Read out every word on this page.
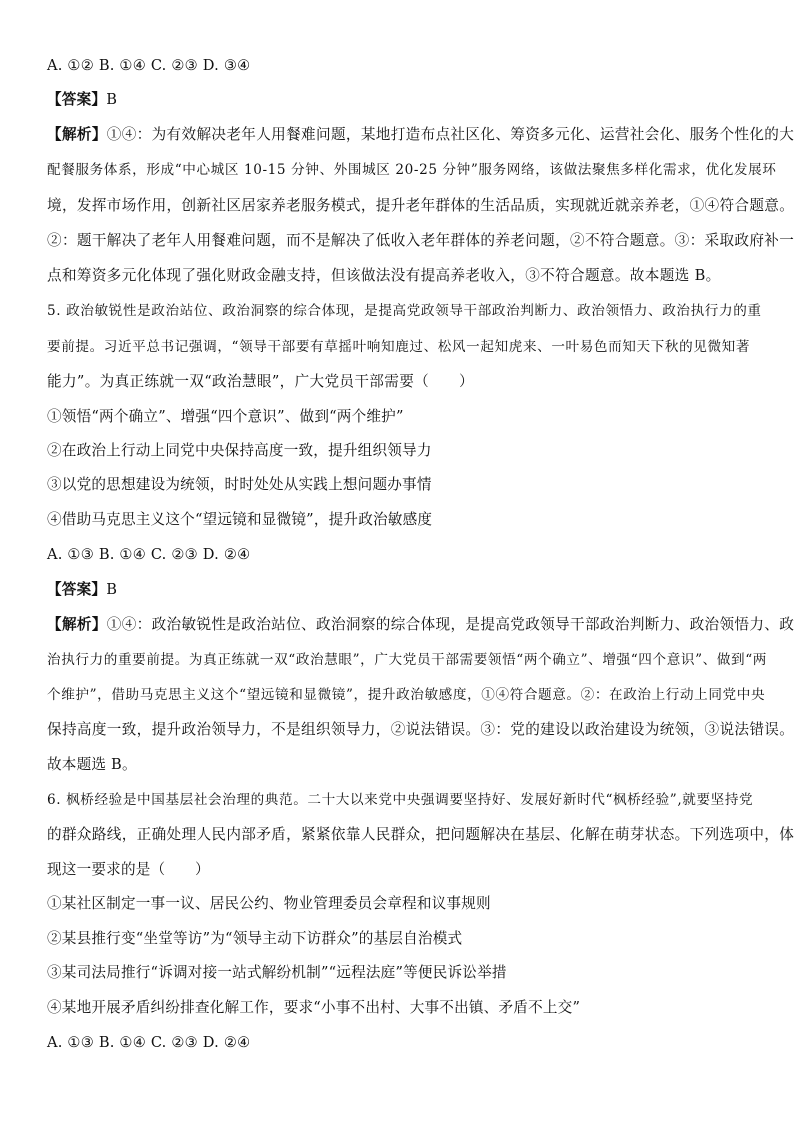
A. ①② B. ①④ C. ②③ D. ③④
【答案】B
【解析】①④：为有效解决老年人用餐难问题，某地打造布点社区化、筹资多元化、运营社会化、服务个性化的大
配餐服务体系，形成“中心城区 10-15 分钟、外围城区 20-25 分钟”服务网络，该做法聚焦多样化需求，优化发展环
境，发挥市场作用，创新社区居家养老服务模式，提升老年群体的生活品质，实现就近就亲养老，①④符合题意。
②：题干解决了老年人用餐难问题，而不是解决了低收入老年群体的养老问题，②不符合题意。③：采取政府补一
点和筹资多元化体现了强化财政金融支持，但该做法没有提高养老收入，③不符合题意。故本题选 B。
5. 政治敏锐性是政治站位、政治洞察的综合体现，是提高党政领导干部政治判断力、政治领悟力、政治执行力的重
要前提。习近平总书记强调，“领导干部要有草摇叶响知鹿过、松风一起知虎来、一叶易色而知天下秋的见微知著
能力”。为真正练就一双“政治慧眼”，广大党员干部需要（　　）
①领悟“两个确立”、增强“四个意识”、做到“两个维护”
②在政治上行动上同党中央保持高度一致，提升组织领导力
③以党的思想建设为统领，时时处处从实践上想问题办事情
④借助马克思主义这个“望远镜和显微镜”，提升政治敏感度
A. ①③ B. ①④ C. ②③ D. ②④
【答案】B
【解析】①④：政治敏锐性是政治站位、政治洞察的综合体现，是提高党政领导干部政治判断力、政治领悟力、政
治执行力的重要前提。为真正练就一双“政治慧眼”，广大党员干部需要领悟“两个确立”、增强“四个意识”、做到“两
个维护”，借助马克思主义这个“望远镜和显微镜”，提升政治敏感度，①④符合题意。②：在政治上行动上同党中央
保持高度一致，提升政治领导力，不是组织领导力，②说法错误。③：党的建设以政治建设为统领，③说法错误。
故本题选 B。
6. 枫桥经验是中国基层社会治理的典范。二十大以来党中央强调要坚持好、发展好新时代“枫桥经验”,就要坚持党
的群众路线，正确处理人民内部矛盾，紧紧依靠人民群众，把问题解决在基层、化解在萌芽状态。下列选项中，体
现这一要求的是（　　）
①某社区制定一事一议、居民公约、物业管理委员会章程和议事规则
②某县推行变“坐堂等访”为“领导主动下访群众”的基层自治模式
③某司法局推行“诉调对接一站式解纷机制”“远程法庭”等便民诉讼举措
④某地开展矛盾纠纷排查化解工作，要求“小事不出村、大事不出镇、矛盾不上交”
A. ①③ B. ①④ C. ②③ D. ②④
